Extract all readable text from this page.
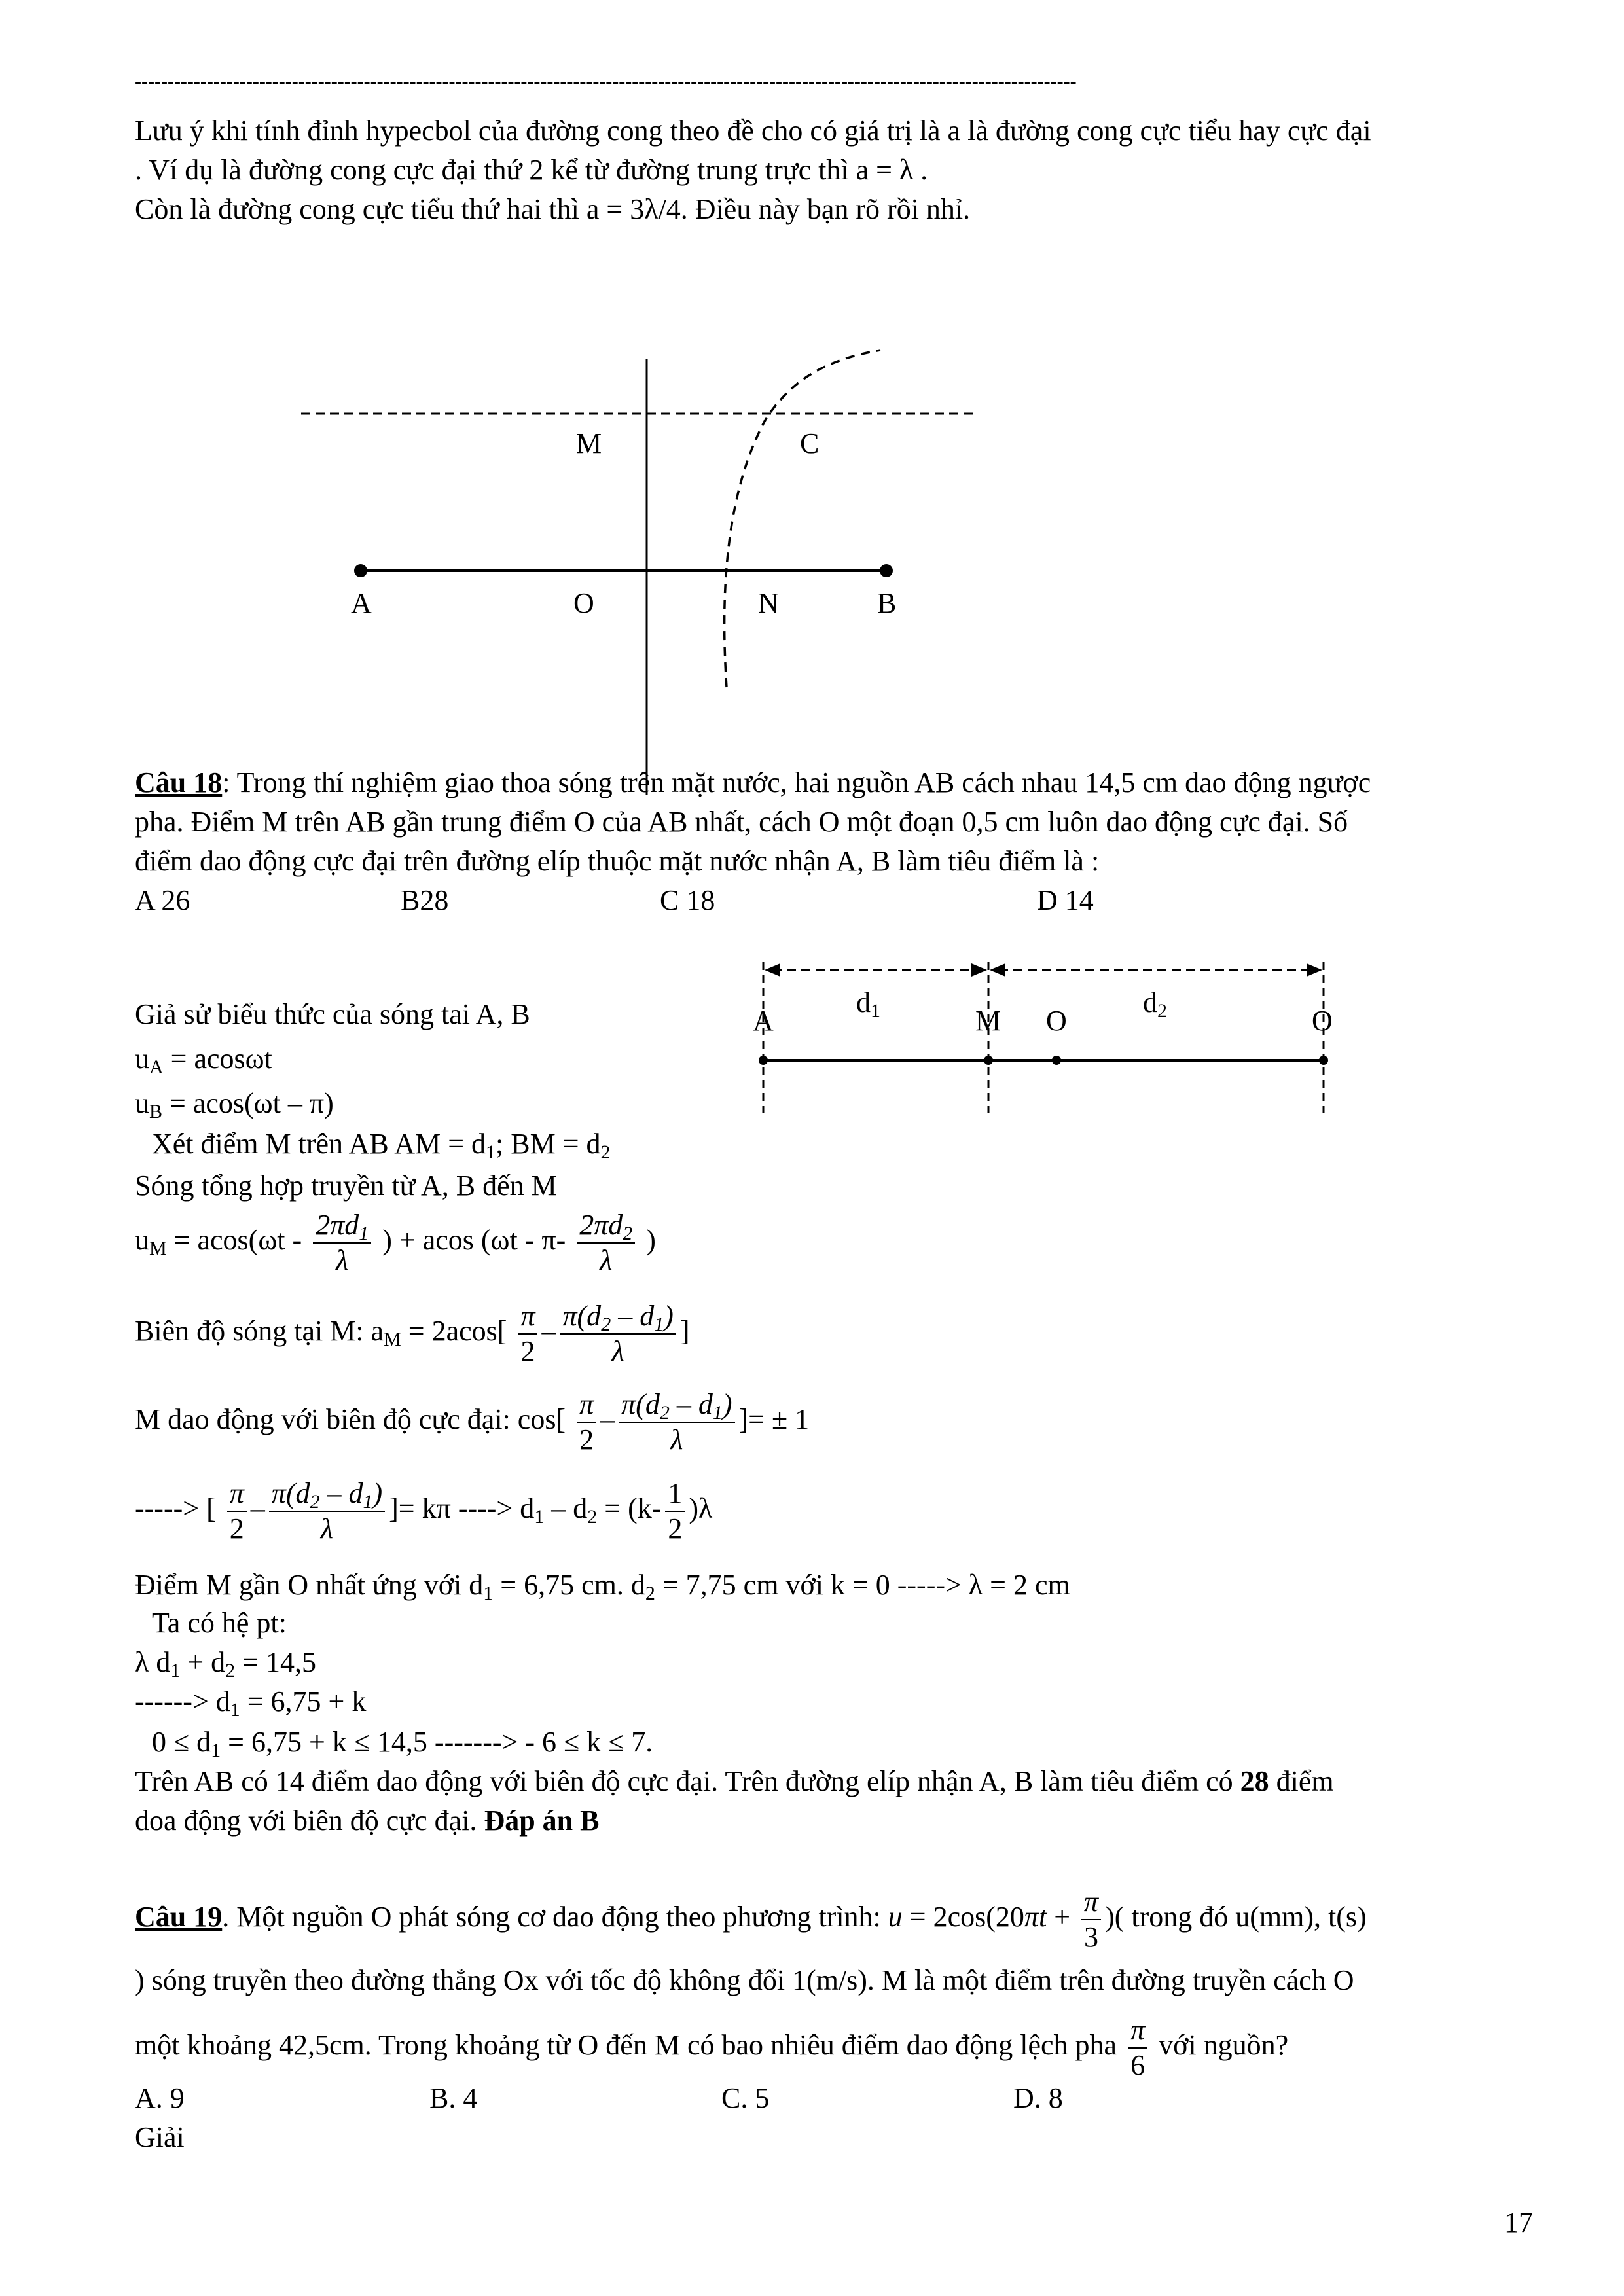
------------------------------------------------------------------------------------------------------------------------------------------------
Lưu ý khi tính đỉnh hypecbol của đường cong theo đề cho có giá trị là a là đường cong cực tiểu hay cực đại
. Ví dụ là đường cong cực đại thứ 2 kể từ đường trung trực thì a = λ .
Còn là đường cong cực tiểu thứ hai thì a = 3λ/4. Điều này bạn rõ rồi nhỉ.
M	C
A	O	N	B
Câu 18: Trong thí nghiệm giao thoa sóng trên mặt nước, hai nguồn AB cách nhau 14,5 cm dao động ngược
pha. Điểm M trên AB gần trung điểm O của AB nhất, cách O một đoạn 0,5 cm luôn dao động cực đại. Số
điểm dao động cực đại trên đường elíp thuộc mặt nước nhận A, B làm tiêu điểm là :
A 26	B28	C 18	D 14
$d_1$	$d_2$
A	M O	O
Giả sử biểu thức của sóng tai A, B
$u_A = acos\omega t$
$u_B = acos(\omega t - \pi)$
Xét điểm M trên AB AM = $d_1$; BM = $d_2$
Sóng tổng hợp truyền từ A, B đến M
$u_M = acos(\omega t - \frac{2\pi d_1}{\lambda}$ ) + acos ($\omega t - \pi- \frac{2\pi d_2}{\lambda}$ )
Biên độ sóng tại M: $a_M = 2acos[ \frac{\pi}{2} - \frac{\pi(d_2 - d_1)}{\lambda}$ ]
M dao động với biên độ cực đại: $\cos[ \frac{\pi}{2} - \frac{\pi(d_2 - d_1)}{\lambda}$ ]= ± 1
-----> [ $\frac{\pi}{2} - \frac{\pi(d_2 - d_1)}{\lambda}$ ]= kπ ----> $d_1 - d_2 = (k- \frac{1}{2} )\lambda$
Điểm M gần O nhất ứng với $d_1 = 6,75$ cm. $d_2 = 7,75$ cm với k = 0 -----> λ = 2 cm
Ta có hệ pt:
λ $d_1 + d_2 = 14,5$
------> $d_1 = 6,75 + k$
$0 \le d_1 = 6,75 + k \le 14,5$ -------> - 6 ≤ k ≤ 7.
Trên AB có 14 điểm dao động với biên độ cực đại. Trên đường elíp nhận A, B làm tiêu điểm có 28 điểm
doa động với biên độ cực đại. Đáp án B
Câu 19. Một nguồn O phát sóng cơ dao động theo phương trình: $u = 2\cos(20\pi t + \frac{\pi}{3}$ )( trong đó u(mm), t(s)
) sóng truyền theo đường thẳng Ox với tốc độ không đổi 1(m/s). M là một điểm trên đường truyền cách O
một khoảng 42,5cm. Trong khoảng từ O đến M có bao nhiêu điểm dao động lệch pha $\frac{\pi}{6}$ với nguồn?
A. 9	B. 4	C. 5	D. 8
Giải
17
